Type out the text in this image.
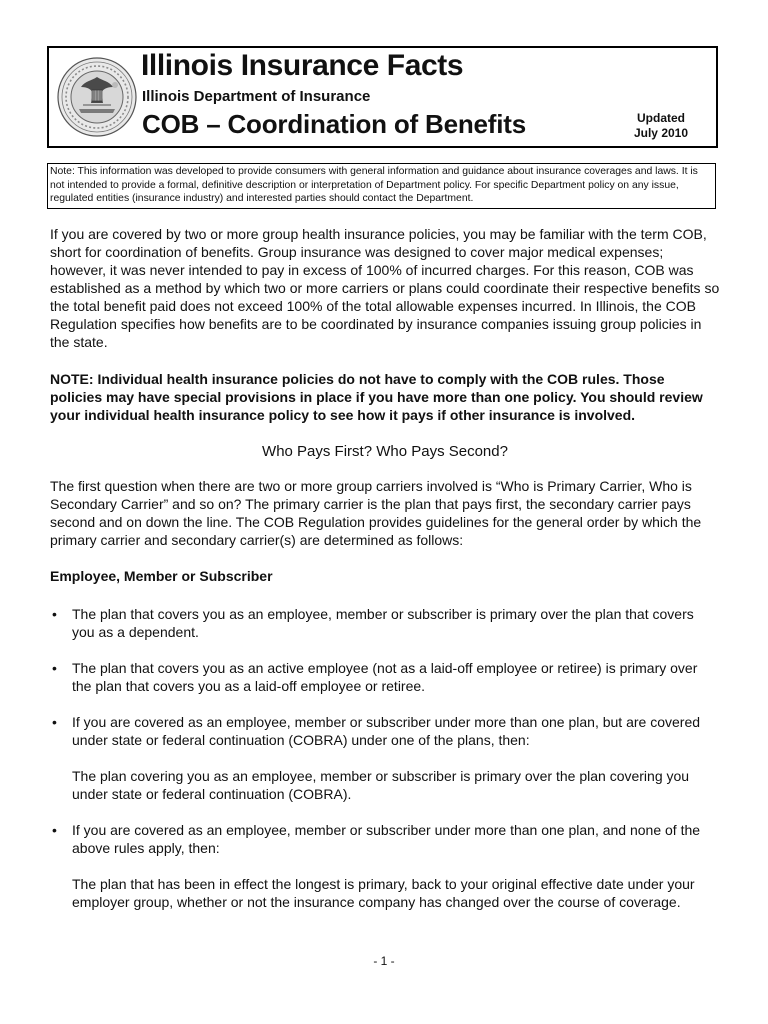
Illinois Insurance Facts
Illinois Department of Insurance
COB – Coordination of Benefits	Updated
July 2010
Note: This information was developed to provide consumers with general information and guidance about insurance coverages and laws. It is not intended to provide a formal, definitive description or interpretation of Department policy. For specific Department policy on any issue, regulated entities (insurance industry) and interested parties should contact the Department.

If you are covered by two or more group health insurance policies, you may be familiar with the term COB, short for coordination of benefits. Group insurance was designed to cover major medical expenses; however, it was never intended to pay in excess of 100% of incurred charges. For this reason, COB was established as a method by which two or more carriers or plans could coordinate their respective benefits so the total benefit paid does not exceed 100% of the total allowable expenses incurred. In Illinois, the COB Regulation specifies how benefits are to be coordinated by insurance companies issuing group policies in the state.

NOTE: Individual health insurance policies do not have to comply with the COB rules. Those policies may have special provisions in place if you have more than one policy. You should review your individual health insurance policy to see how it pays if other insurance is involved.

Who Pays First? Who Pays Second?

The first question when there are two or more group carriers involved is “Who is Primary Carrier, Who is Secondary Carrier” and so on? The primary carrier is the plan that pays first, the secondary carrier pays second and on down the line. The COB Regulation provides guidelines for the general order by which the primary carrier and secondary carrier(s) are determined as follows:

Employee, Member or Subscriber

• The plan that covers you as an employee, member or subscriber is primary over the plan that covers you as a dependent.
• The plan that covers you as an active employee (not as a laid-off employee or retiree) is primary over the plan that covers you as a laid-off employee or retiree.
• If you are covered as an employee, member or subscriber under more than one plan, but are covered under state or federal continuation (COBRA) under one of the plans, then:
The plan covering you as an employee, member or subscriber is primary over the plan covering you under state or federal continuation (COBRA).
• If you are covered as an employee, member or subscriber under more than one plan, and none of the above rules apply, then:
The plan that has been in effect the longest is primary, back to your original effective date under your employer group, whether or not the insurance company has changed over the course of coverage.
- 1 -
